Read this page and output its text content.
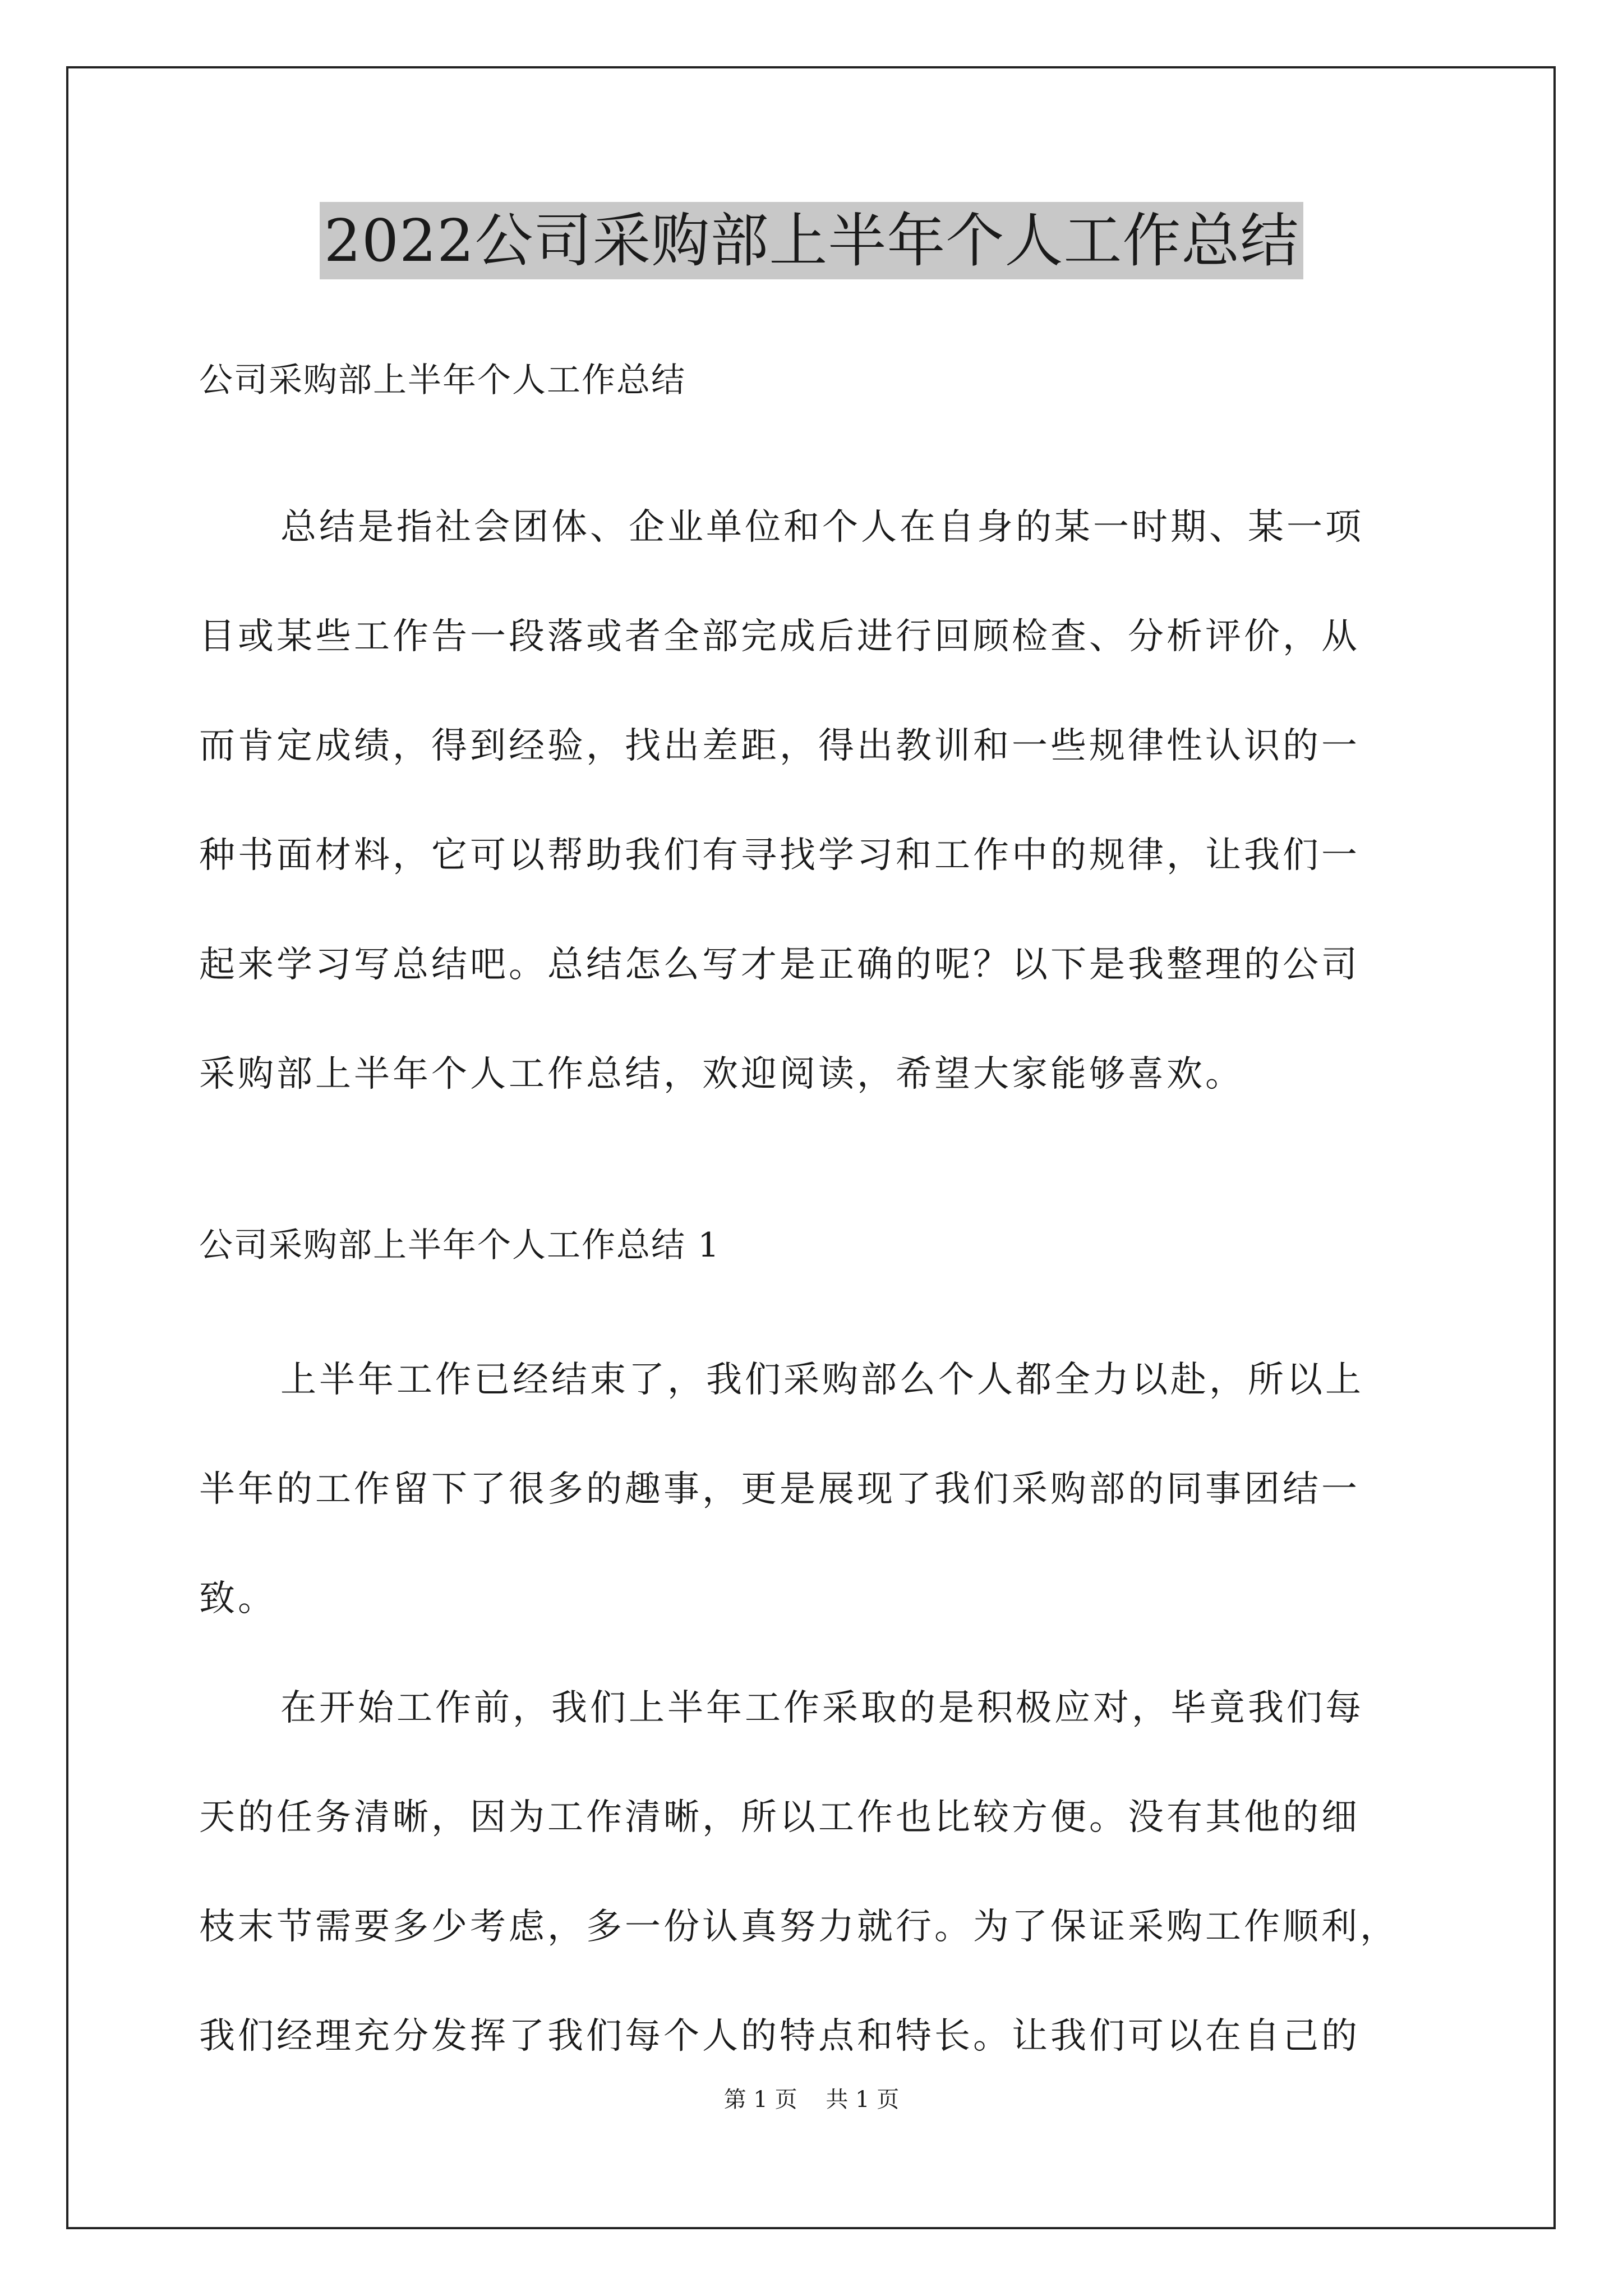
2022公司采购部上半年个人工作总结
公司采购部上半年个人工作总结
总结是指社会团体、企业单位和个人在自身的某一时期、某一项
目或某些工作告一段落或者全部完成后进行回顾检查、分析评价，从
而肯定成绩，得到经验，找出差距，得出教训和一些规律性认识的一
种书面材料，它可以帮助我们有寻找学习和工作中的规律，让我们一
起来学习写总结吧。总结怎么写才是正确的呢？以下是我整理的公司
采购部上半年个人工作总结，欢迎阅读，希望大家能够喜欢。
公司采购部上半年个人工作总结 1
上半年工作已经结束了，我们采购部么个人都全力以赴，所以上
半年的工作留下了很多的趣事，更是展现了我们采购部的同事团结一
致。
在开始工作前，我们上半年工作采取的是积极应对，毕竟我们每
天的任务清晰，因为工作清晰，所以工作也比较方便。没有其他的细
枝末节需要多少考虑，多一份认真努力就行。为了保证采购工作顺利，
我们经理充分发挥了我们每个人的特点和特长。让我们可以在自己的
第 1 页    共 1 页
